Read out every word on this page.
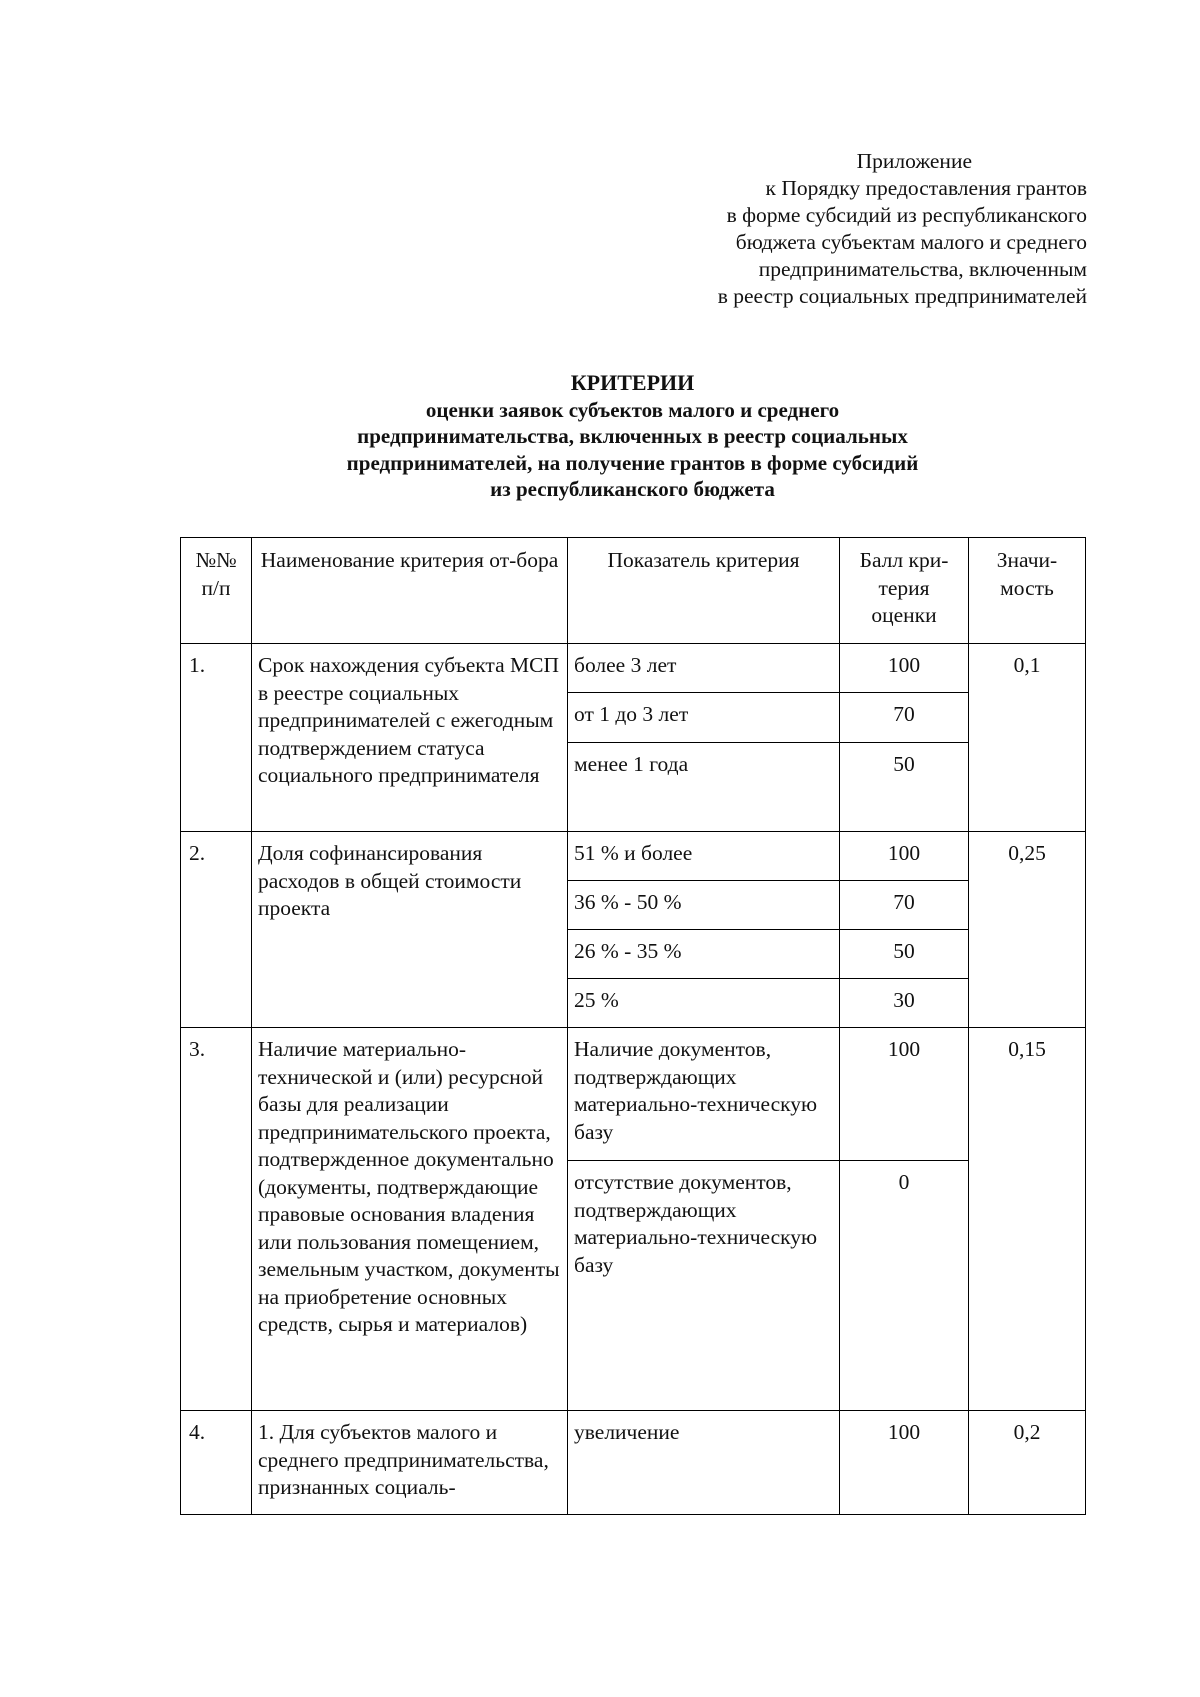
Приложение
к Порядку предоставления грантов
в форме субсидий из республиканского
бюджета субъектам малого и среднего
предпринимательства, включенным
в реестр социальных предпринимателей
КРИТЕРИИ
оценки заявок субъектов малого и среднего
предпринимательства, включенных в реестр социальных
предпринимателей, на получение грантов в форме субсидий
из республиканского бюджета
№№ п/п	Наименование критерия от-бора	Показатель критерия	Балл кри-терия оценки	Значи-мость
1.	Срок нахождения субъекта МСП в реестре социальных предпринимателей с ежегодным подтверждением статуса социального предпринимателя	более 3 лет	100	0,1
		от 1 до 3 лет	70	
		менее 1 года	50	
2.	Доля софинансирования расходов в общей стоимости проекта	51 % и более	100	0,25
		36 % - 50 %	70	
		26 % - 35 %	50	
		25 %	30	
3.	Наличие материально-технической и (или) ресурсной базы для реализации предпринимательского проекта, подтвержденное документально (документы, подтверждающие правовые основания владения или пользования помещением, земельным участком, документы на приобретение основных средств, сырья и материалов)	Наличие документов, подтверждающих материально-техническую базу	100	0,15
		отсутствие документов, подтверждающих материально-техническую базу	0	
4.	1. Для субъектов малого и среднего предпринимательства, признанных социаль-	увеличение	100	0,2
